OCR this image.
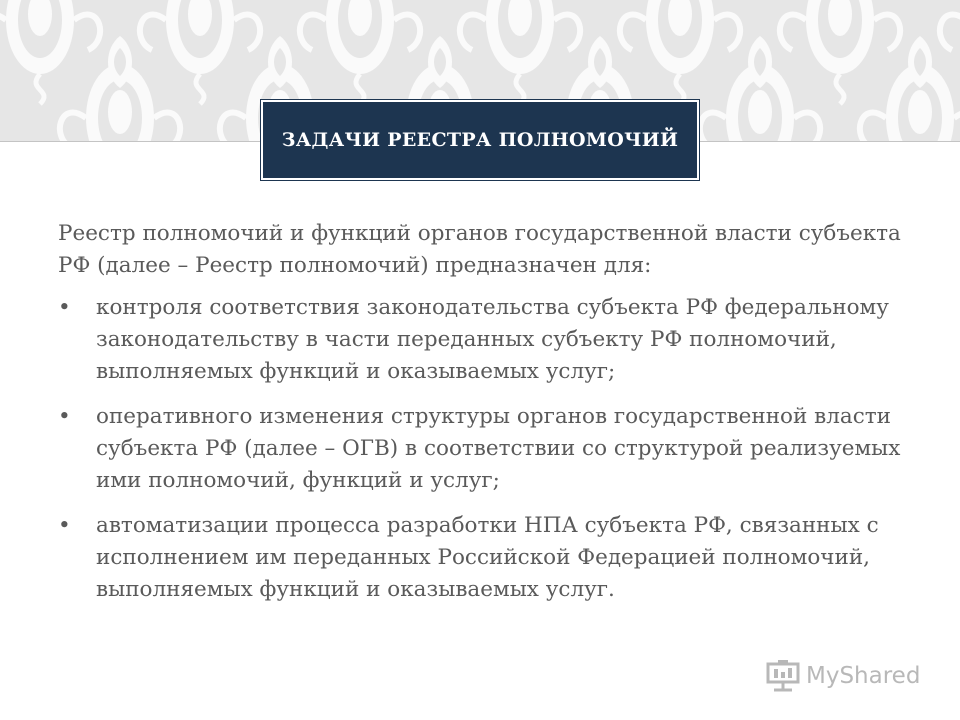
ЗАДАЧИ РЕЕСТРА ПОЛНОМОЧИЙ

Реестр полномочий и функций органов государственной власти субъекта РФ (далее – Реестр полномочий) предназначен для:

•	контроля соответствия законодательства субъекта РФ федеральному законодательству в части переданных субъекту РФ полномочий, выполняемых функций и оказываемых услуг;
•	оперативного изменения структуры органов государственной власти субъекта РФ (далее – ОГВ) в соответствии со структурой реализуемых ими полномочий, функций и услуг;
•	автоматизации процесса разработки НПА субъекта РФ, связанных с исполнением им переданных Российской Федерацией полномочий, выполняемых функций и оказываемых услуг.
MyShared
